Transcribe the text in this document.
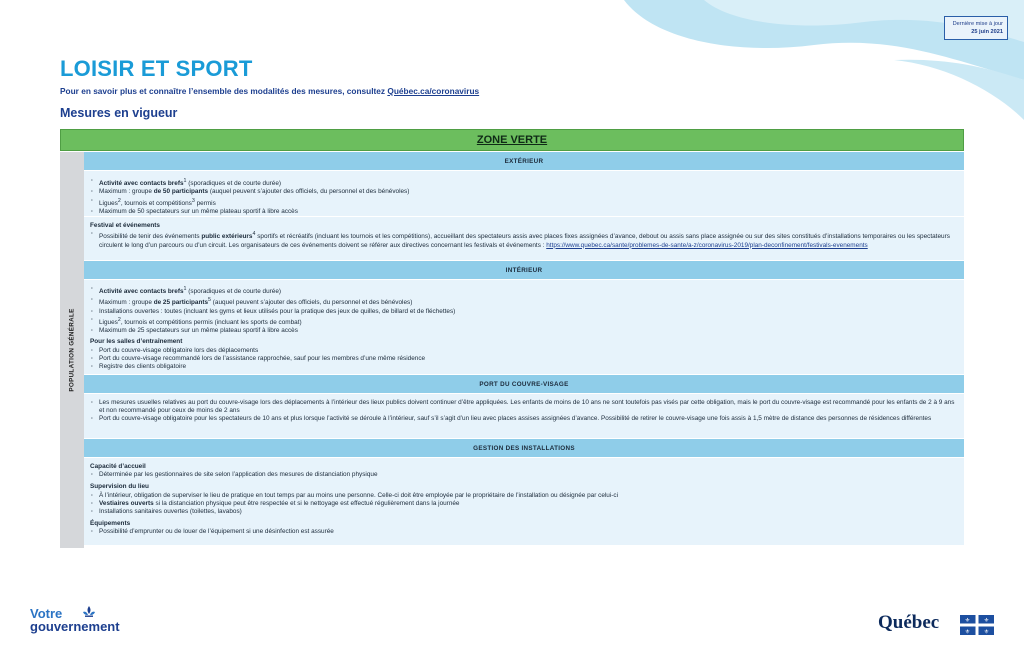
Dernière mise à jour
25 juin 2021
LOISIR ET SPORT
Pour en savoir plus et connaître l’ensemble des modalités des mesures, consultez Québec.ca/coronavirus
Mesures en vigueur
ZONE VERTE
POPULATION GÉNÉRALE
EXTÉRIEUR
· Activité avec contacts brefs$^1$ (sporadiques et de courte durée)
· Maximum : groupe de 50 participants (auquel peuvent s’ajouter des officiels, du personnel et des bénévoles)
· Ligues$^2$, tournois et compétitions$^3$ permis
· Maximum de 50 spectateurs sur un même plateau sportif à libre accès
Festival et événements
· Possibilité de tenir des événements public extérieurs$^4$ sportifs et récréatifs (incluant les tournois et les compétitions), accueillant des spectateurs assis avec places fixes assignées d’avance, debout ou assis sans place assignée ou sur des sites constitués d’installations temporaires ou les spectateurs circulent le long d’un parcours ou d’un circuit. Les organisateurs de ces événements doivent se référer aux directives concernant les festivals et événements : https://www.quebec.ca/sante/problemes-de-sante/a-z/coronavirus-2019/plan-deconfinement/festivals-evenements
INTÉRIEUR
· Activité avec contacts brefs$^1$ (sporadiques et de courte durée)
· Maximum : groupe de 25 participants$^5$ (auquel peuvent s’ajouter des officiels, du personnel et des bénévoles)
· Installations ouvertes : toutes (incluant les gyms et lieux utilisés pour la pratique des jeux de quilles, de billard et de fléchettes)
· Ligues$^2$, tournois et compétitions permis (incluant les sports de combat)
· Maximum de 25 spectateurs sur un même plateau sportif à libre accès
Pour les salles d’entraînement
· Port du couvre-visage obligatoire lors des déplacements
· Port du couvre-visage recommandé lors de l’assistance rapprochée, sauf pour les membres d’une même résidence
· Registre des clients obligatoire
PORT DU COUVRE-VISAGE
· Les mesures usuelles relatives au port du couvre-visage lors des déplacements à l’intérieur des lieux publics doivent continuer d’être appliquées. Les enfants de moins de 10 ans ne sont toutefois pas visés par cette obligation, mais le port du couvre-visage est recommandé pour les enfants de 2 à 9 ans et non recommandé pour ceux de moins de 2 ans
· Port du couvre-visage obligatoire pour les spectateurs de 10 ans et plus lorsque l’activité se déroule à l’intérieur, sauf s’il s’agit d’un lieu avec places assises assignées d’avance. Possibilité de retirer le couvre-visage une fois assis à 1,5 mètre de distance des personnes de résidences différentes
GESTION DES INSTALLATIONS
Capacité d’accueil
· Déterminée par les gestionnaires de site selon l’application des mesures de distanciation physique
Supervision du lieu
· À l’intérieur, obligation de superviser le lieu de pratique en tout temps par au moins une personne. Celle-ci doit être employée par le propriétaire de l’installation ou désignée par celui-ci
· Vestiaires ouverts si la distanciation physique peut être respectée et si le nettoyage est effectué régulièrement dans la journée
· Installations sanitaires ouvertes (toilettes, lavabos)
Équipements
· Possibilité d’emprunter ou de louer de l’équipement si une désinfection est assurée
Votre
gouvernement	Québec	⚜ ⚜
⚜ ⚜
